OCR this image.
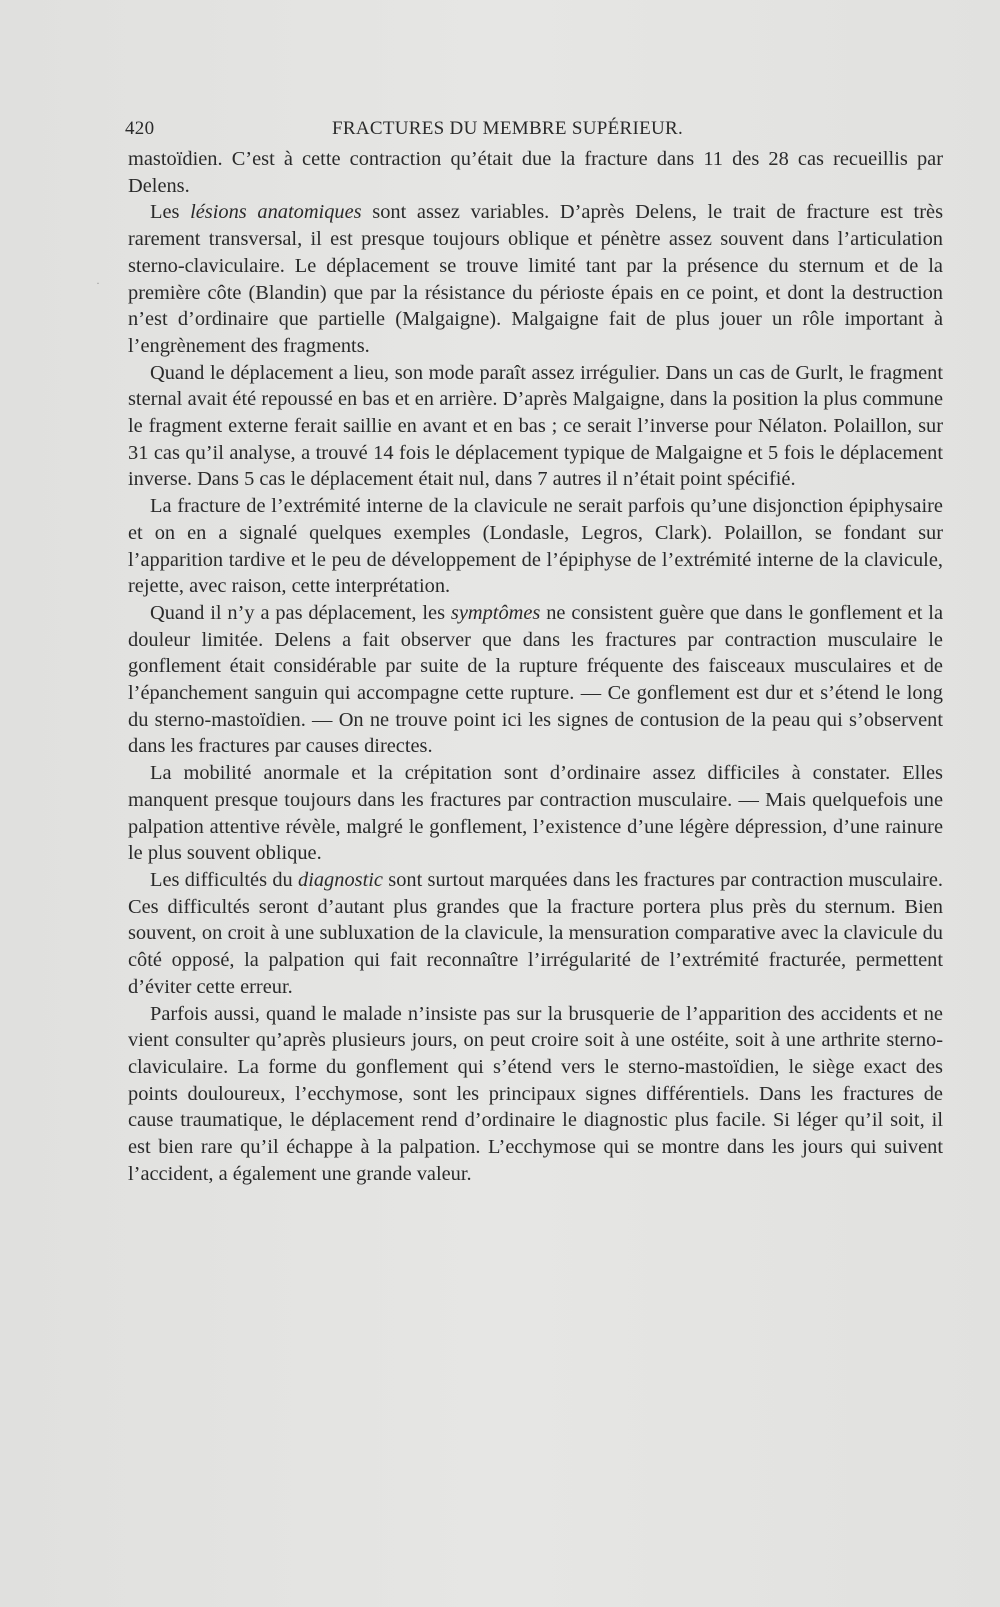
420	FRACTURES DU MEMBRE SUPÉRIEUR.
·

mastoïdien. C’est à cette contraction qu’était due la fracture dans 11 des 28 cas recueillis par Delens.

Les lésions anatomiques sont assez variables. D’après Delens, le trait de fracture est très rarement transversal, il est presque toujours oblique et pénètre assez souvent dans l’articulation sterno-claviculaire. Le déplacement se trouve limité tant par la présence du sternum et de la première côte (Blandin) que par la résistance du périoste épais en ce point, et dont la destruction n’est d’ordinaire que partielle (Malgaigne). Malgaigne fait de plus jouer un rôle important à l’engrènement des fragments.

Quand le déplacement a lieu, son mode paraît assez irrégulier. Dans un cas de Gurlt, le fragment sternal avait été repoussé en bas et en arrière. D’après Malgaigne, dans la position la plus commune le fragment externe ferait saillie en avant et en bas ; ce serait l’inverse pour Nélaton. Polaillon, sur 31 cas qu’il analyse, a trouvé 14 fois le déplacement typique de Malgaigne et 5 fois le déplacement inverse. Dans 5 cas le déplacement était nul, dans 7 autres il n’était point spécifié.

La fracture de l’extrémité interne de la clavicule ne serait parfois qu’une disjonction épiphysaire et on en a signalé quelques exemples (Londasle, Legros, Clark). Polaillon, se fondant sur l’apparition tardive et le peu de développement de l’épiphyse de l’extrémité interne de la clavicule, rejette, avec raison, cette interprétation.

Quand il n’y a pas déplacement, les symptômes ne consistent guère que dans le gonflement et la douleur limitée. Delens a fait observer que dans les fractures par contraction musculaire le gonflement était considérable par suite de la rupture fréquente des faisceaux musculaires et de l’épanchement sanguin qui accompagne cette rupture. — Ce gonflement est dur et s’étend le long du sterno-mastoïdien. — On ne trouve point ici les signes de contusion de la peau qui s’observent dans les fractures par causes directes.

La mobilité anormale et la crépitation sont d’ordinaire assez difficiles à constater. Elles manquent presque toujours dans les fractures par contraction musculaire. — Mais quelquefois une palpation attentive révèle, malgré le gonflement, l’existence d’une légère dépression, d’une rainure le plus souvent oblique.

Les difficultés du diagnostic sont surtout marquées dans les fractures par contraction musculaire. Ces difficultés seront d’autant plus grandes que la fracture portera plus près du sternum. Bien souvent, on croit à une subluxation de la clavicule, la mensuration comparative avec la clavicule du côté opposé, la palpation qui fait reconnaître l’irrégularité de l’extrémité fracturée, permettent d’éviter cette erreur.

Parfois aussi, quand le malade n’insiste pas sur la brusquerie de l’apparition des accidents et ne vient consulter qu’après plusieurs jours, on peut croire soit à une ostéite, soit à une arthrite sterno-claviculaire. La forme du gonflement qui s’étend vers le sterno-mastoïdien, le siège exact des points douloureux, l’ecchymose, sont les principaux signes différentiels. Dans les fractures de cause traumatique, le déplacement rend d’ordinaire le diagnostic plus facile. Si léger qu’il soit, il est bien rare qu’il échappe à la palpation. L’ecchymose qui se montre dans les jours qui suivent l’accident, a également une grande valeur.
